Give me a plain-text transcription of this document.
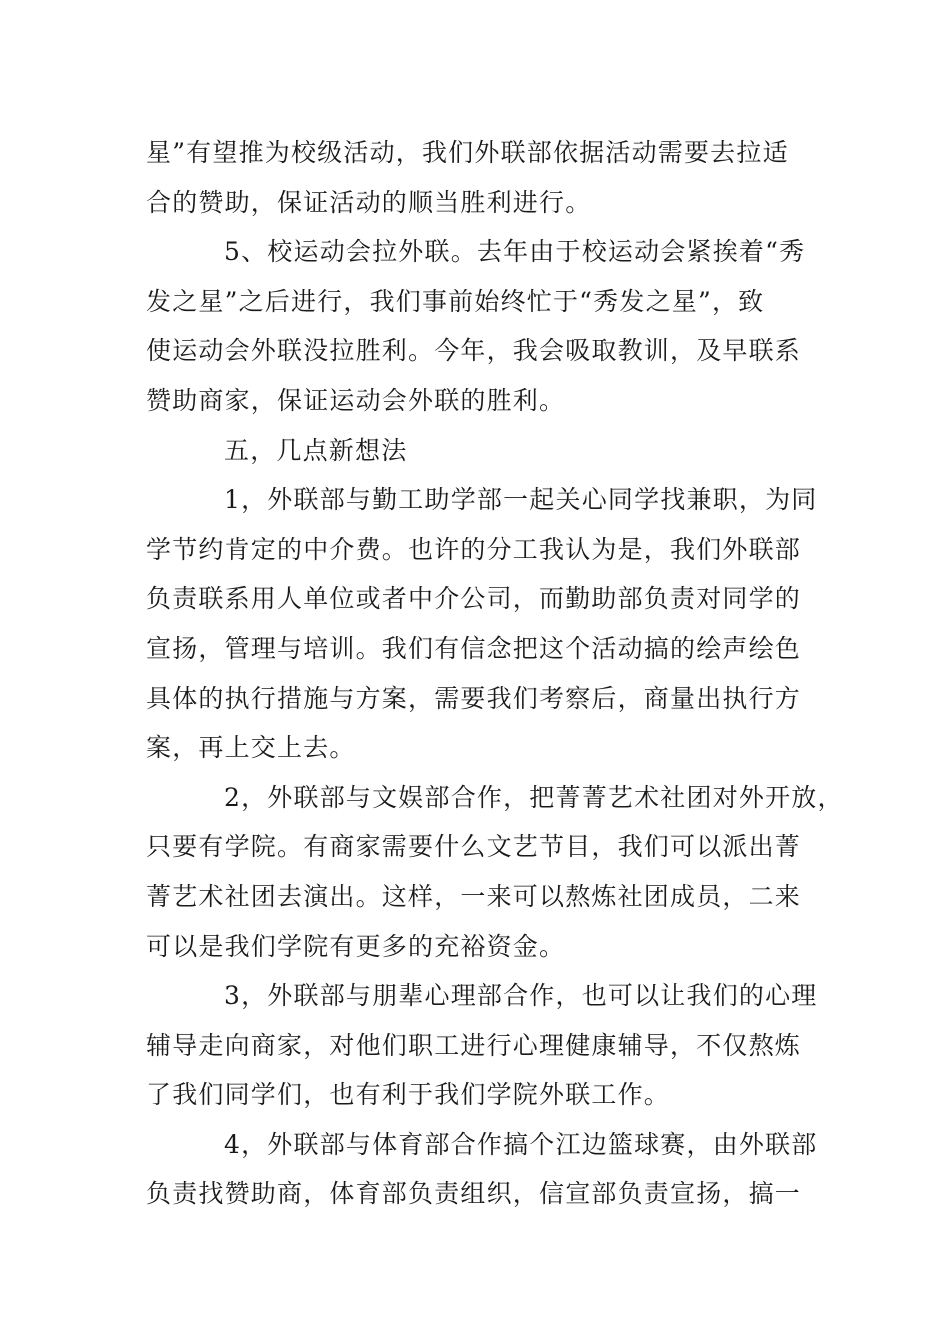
星”有望推为校级活动，我们外联部依据活动需要去拉适
合的赞助，保证活动的顺当胜利进行。
5、校运动会拉外联。去年由于校运动会紧挨着“秀
发之星”之后进行，我们事前始终忙于“秀发之星”，致
使运动会外联没拉胜利。今年，我会吸取教训，及早联系
赞助商家，保证运动会外联的胜利。
五，几点新想法
1，外联部与勤工助学部一起关心同学找兼职，为同
学节约肯定的中介费。也许的分工我认为是，我们外联部
负责联系用人单位或者中介公司，而勤助部负责对同学的
宣扬，管理与培训。我们有信念把这个活动搞的绘声绘色
具体的执行措施与方案，需要我们考察后，商量出执行方
案，再上交上去。
2，外联部与文娱部合作，把菁菁艺术社团对外开放，
只要有学院。有商家需要什么文艺节目，我们可以派出菁
菁艺术社团去演出。这样，一来可以熬炼社团成员，二来
可以是我们学院有更多的充裕资金。
3，外联部与朋辈心理部合作，也可以让我们的心理
辅导走向商家，对他们职工进行心理健康辅导，不仅熬炼
了我们同学们，也有利于我们学院外联工作。
4，外联部与体育部合作搞个江边篮球赛，由外联部
负责找赞助商，体育部负责组织，信宣部负责宣扬，搞一
